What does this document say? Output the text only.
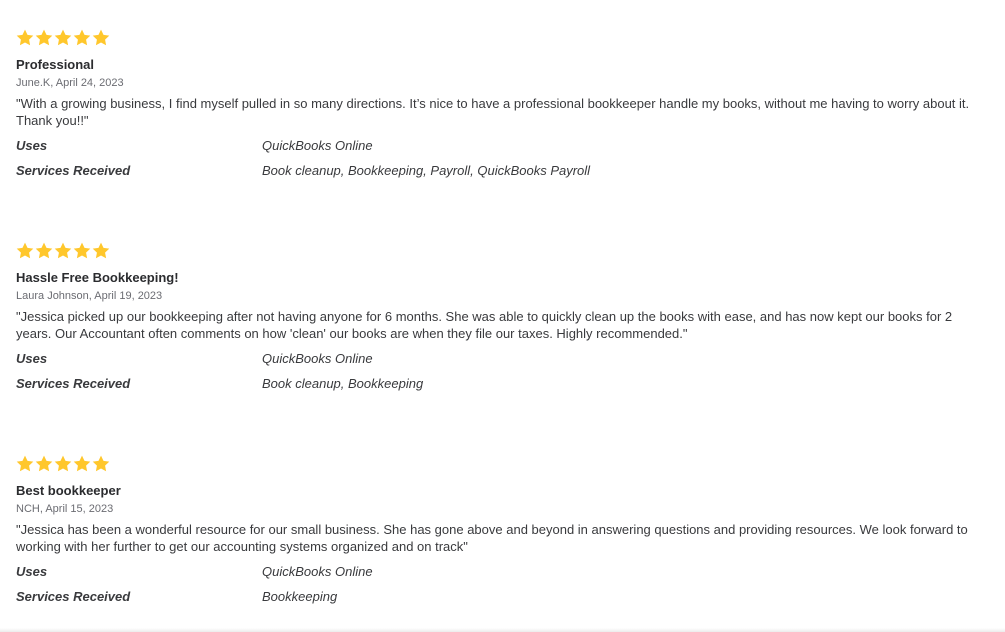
Professional
June.K, April 24, 2023
"With a growing business, I find myself pulled in so many directions. It’s nice to have a professional bookkeeper handle my books, without me having to worry about it. Thank you!!"
Uses	QuickBooks Online
Services Received	Book cleanup, Bookkeeping, Payroll, QuickBooks Payroll
Hassle Free Bookkeeping!
Laura Johnson, April 19, 2023
"Jessica picked up our bookkeeping after not having anyone for 6 months. She was able to quickly clean up the books with ease, and has now kept our books for 2 years. Our Accountant often comments on how 'clean' our books are when they file our taxes. Highly recommended."
Uses	QuickBooks Online
Services Received	Book cleanup, Bookkeeping
Best bookkeeper
NCH, April 15, 2023
"Jessica has been a wonderful resource for our small business. She has gone above and beyond in answering questions and providing resources. We look forward to working with her further to get our accounting systems organized and on track"
Uses	QuickBooks Online
Services Received	Bookkeeping
